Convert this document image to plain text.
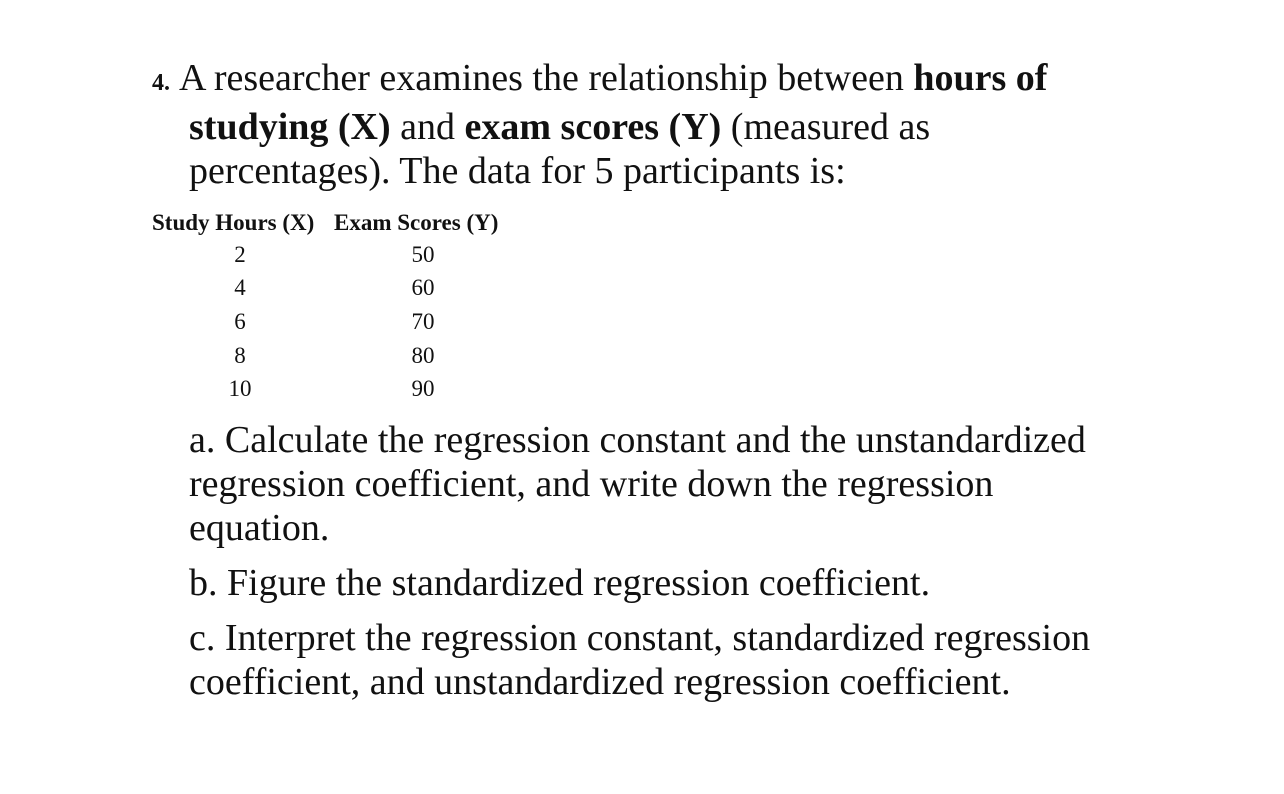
4. A researcher examines the relationship between hours of studying (X) and exam scores (Y) (measured as percentages). The data for 5 participants is:

Study Hours (X)	Exam Scores (Y)
2	50
4	60
6	70
8	80
10	90

a. Calculate the regression constant and the unstandardized regression coefficient, and write down the regression equation.

b. Figure the standardized regression coefficient.

c. Interpret the regression constant, standardized regression coefficient, and unstandardized regression coefficient.
